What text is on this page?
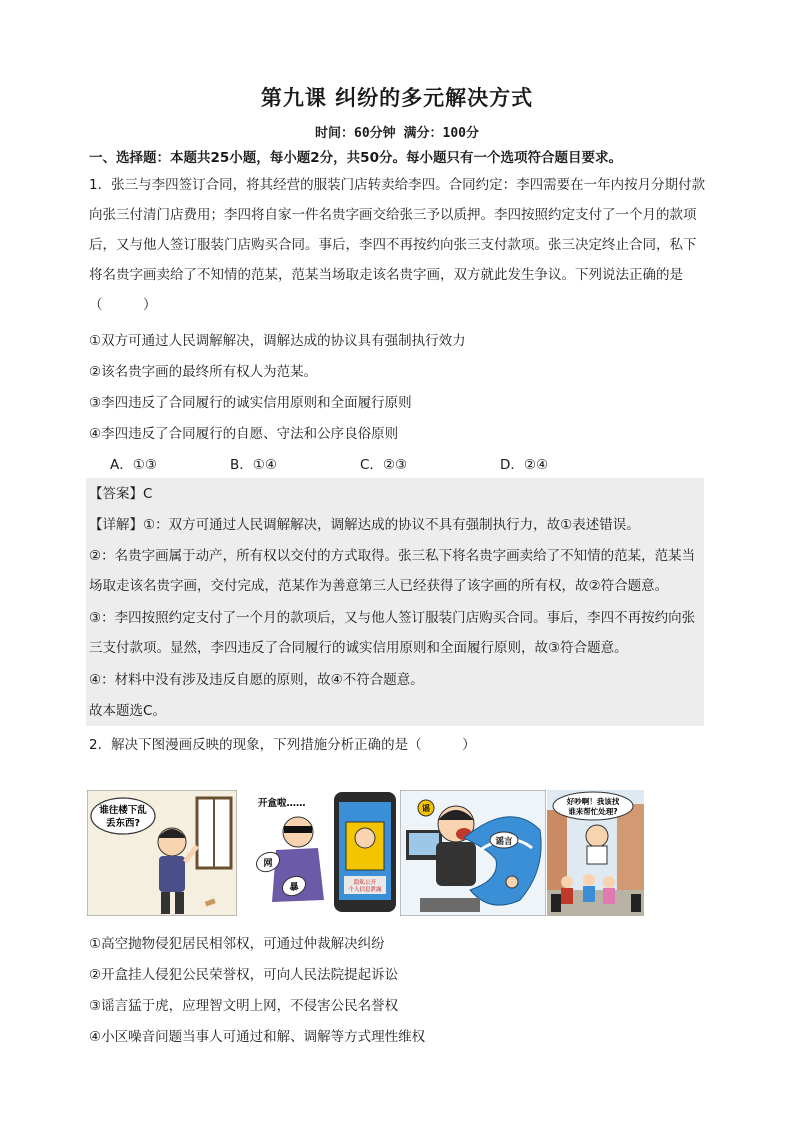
第九课 纠纷的多元解决方式
时间：60分钟 满分：100分
一、选择题：本题共25小题，每小题2分，共50分。每小题只有一个选项符合题目要求。
1．张三与李四签订合同，将其经营的服装门店转卖给李四。合同约定：李四需要在一年内按月分期付款向张三付清门店费用；李四将自家一件名贵字画交给张三予以质押。李四按照约定支付了一个月的款项后，又与他人签订服装门店购买合同。事后，李四不再按约向张三支付款项。张三决定终止合同，私下将名贵字画卖给了不知情的范某，范某当场取走该名贵字画，双方就此发生争议。下列说法正确的是（　　　）
①双方可通过人民调解解决，调解达成的协议具有强制执行效力
②该名贵字画的最终所有权人为范某。
③李四违反了合同履行的诚实信用原则和全面履行原则
④李四违反了合同履行的自愿、守法和公序良俗原则
A．①③	B．①④	C．②③	D．②④
【答案】C
【详解】①：双方可通过人民调解解决，调解达成的协议不具有强制执行力，故①表述错误。
②：名贵字画属于动产，所有权以交付的方式取得。张三私下将名贵字画卖给了不知情的范某，范某当场取走该名贵字画，交付完成，范某作为善意第三人已经获得了该字画的所有权，故②符合题意。
③：李四按照约定支付了一个月的款项后，又与他人签订服装门店购买合同。事后，李四不再按约向张三支付款项。显然，李四违反了合同履行的诚实信用原则和全面履行原则，故③符合题意。
④：材料中没有涉及违反自愿的原则，故④不符合题意。
故本题选C。
2．解决下图漫画反映的现象，下列措施分析正确的是（　　　）
谁往楼下乱
丢东西?
开盒啦……
隐私公开
个人信息泄露
网
暴
谣言
谣
好吵啊！我该找
谁来帮忙处理?
①高空抛物侵犯居民相邻权，可通过仲裁解决纠纷
②开盒挂人侵犯公民荣誉权，可向人民法院提起诉讼
③谣言猛于虎，应理智文明上网，不侵害公民名誉权
④小区噪音问题当事人可通过和解、调解等方式理性维权
